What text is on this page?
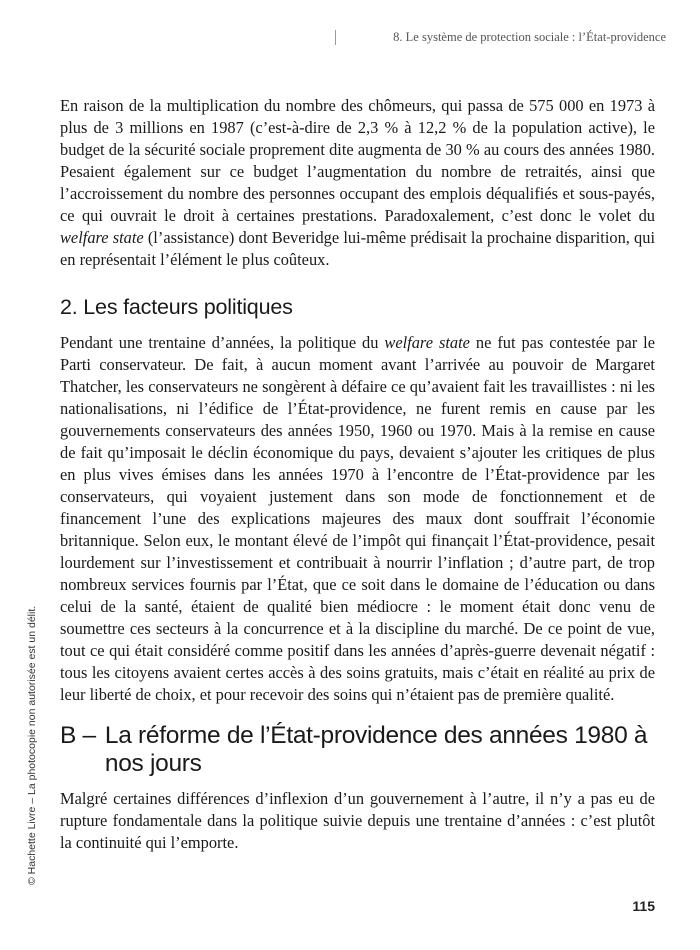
8. Le système de protection sociale : l’État-providence

En raison de la multiplication du nombre des chômeurs, qui passa de 575 000 en 1973 à plus de 3 millions en 1987 (c’est-à-dire de 2,3 % à 12,2 % de la population active), le budget de la sécurité sociale proprement dite augmenta de 30 % au cours des années 1980. Pesaient également sur ce budget l’augmentation du nombre de retraités, ainsi que l’accroissement du nombre des personnes occupant des emplois déqualifiés et sous-payés, ce qui ouvrait le droit à certaines prestations. Paradoxalement, c’est donc le volet du welfare state (l’assistance) dont Beveridge lui-même prédisait la prochaine disparition, qui en représentait l’élément le plus coûteux.

2. Les facteurs politiques

Pendant une trentaine d’années, la politique du welfare state ne fut pas contestée par le Parti conservateur. De fait, à aucun moment avant l’arrivée au pouvoir de Margaret Thatcher, les conservateurs ne songèrent à défaire ce qu’avaient fait les travaillistes : ni les nationalisations, ni l’édifice de l’État-providence, ne furent remis en cause par les gouvernements conservateurs des années 1950, 1960 ou 1970. Mais à la remise en cause de fait qu’imposait le déclin économique du pays, devaient s’ajouter les critiques de plus en plus vives émises dans les années 1970 à l’encontre de l’État-providence par les conservateurs, qui voyaient justement dans son mode de fonctionnement et de financement l’une des explications majeures des maux dont souffrait l’économie britannique. Selon eux, le montant élevé de l’impôt qui finançait l’État-providence, pesait lourdement sur l’investissement et contribuait à nourrir l’inflation ; d’autre part, de trop nombreux services fournis par l’État, que ce soit dans le domaine de l’éducation ou dans celui de la santé, étaient de qualité bien médiocre : le moment était donc venu de soumettre ces secteurs à la concurrence et à la discipline du marché. De ce point de vue, tout ce qui était considéré comme positif dans les années d’après-guerre devenait négatif : tous les citoyens avaient certes accès à des soins gratuits, mais c’était en réalité au prix de leur liberté de choix, et pour recevoir des soins qui n’étaient pas de première qualité.

B – La réforme de l’État-providence des années 1980 à nos jours

Malgré certaines différences d’inflexion d’un gouvernement à l’autre, il n’y a pas eu de rupture fondamentale dans la politique suivie depuis une trentaine d’années : c’est plutôt la continuité qui l’emporte.

© Hachette Livre – La photocopie non autorisée est un délit.
115
